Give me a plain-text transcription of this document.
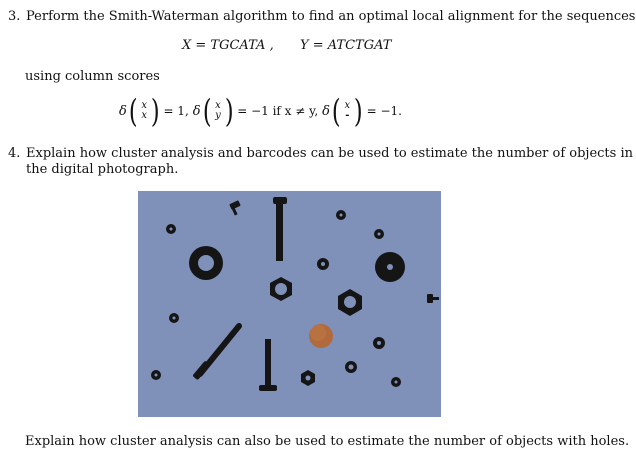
3. Perform the Smith-Waterman algorithm to find an optimal local alignment for the sequences
X = TGCATA , Y = ATCTGAT
using column scores
δ ( x
x ) = 1, δ ( x
y ) = −1 if x ≠ y, δ ( x
- ) = −1.
4. Explain how cluster analysis and barcodes can be used to estimate the number of objects in
the digital photograph.
Explain how cluster analysis can also be used to estimate the number of objects with holes.
